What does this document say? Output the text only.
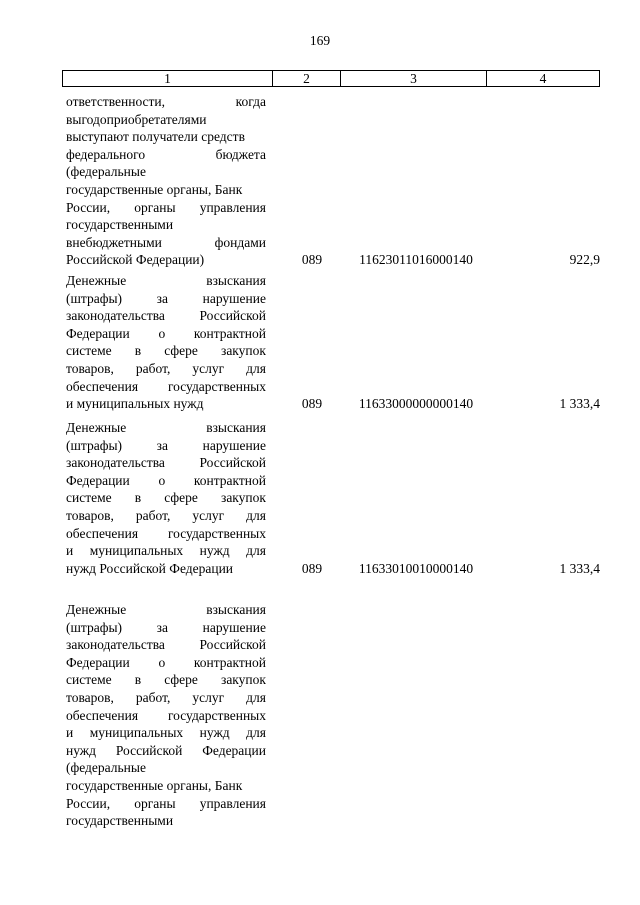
169
1	2	3	4
ответственности,	когда
выгодоприобретателями
выступают получатели средств
федерального	бюджета
(федеральные
государственные органы, Банк
России, органы управления
государственными
внебюджетными	фондами
Российской Федерации)	089	11623011016000140	922,9
Денежные	взыскания
(штрафы)	за	нарушение
законодательства	Российской
Федерации о контрактной
системе в сфере закупок
товаров, работ, услуг для
обеспечения государственных
и муниципальных нужд	089	11633000000000140	1 333,4
Денежные	взыскания
(штрафы)	за	нарушение
законодательства	Российской
Федерации о контрактной
системе в сфере закупок
товаров, работ, услуг для
обеспечения государственных
и муниципальных нужд для
нужд Российской Федерации	089	11633010010000140	1 333,4
Денежные	взыскания
(штрафы)	за	нарушение
законодательства	Российской
Федерации о контрактной
системе в сфере закупок
товаров, работ, услуг для
обеспечения государственных
и муниципальных нужд для
нужд Российской Федерации
(федеральные
государственные органы, Банк
России, органы управления
государственными
